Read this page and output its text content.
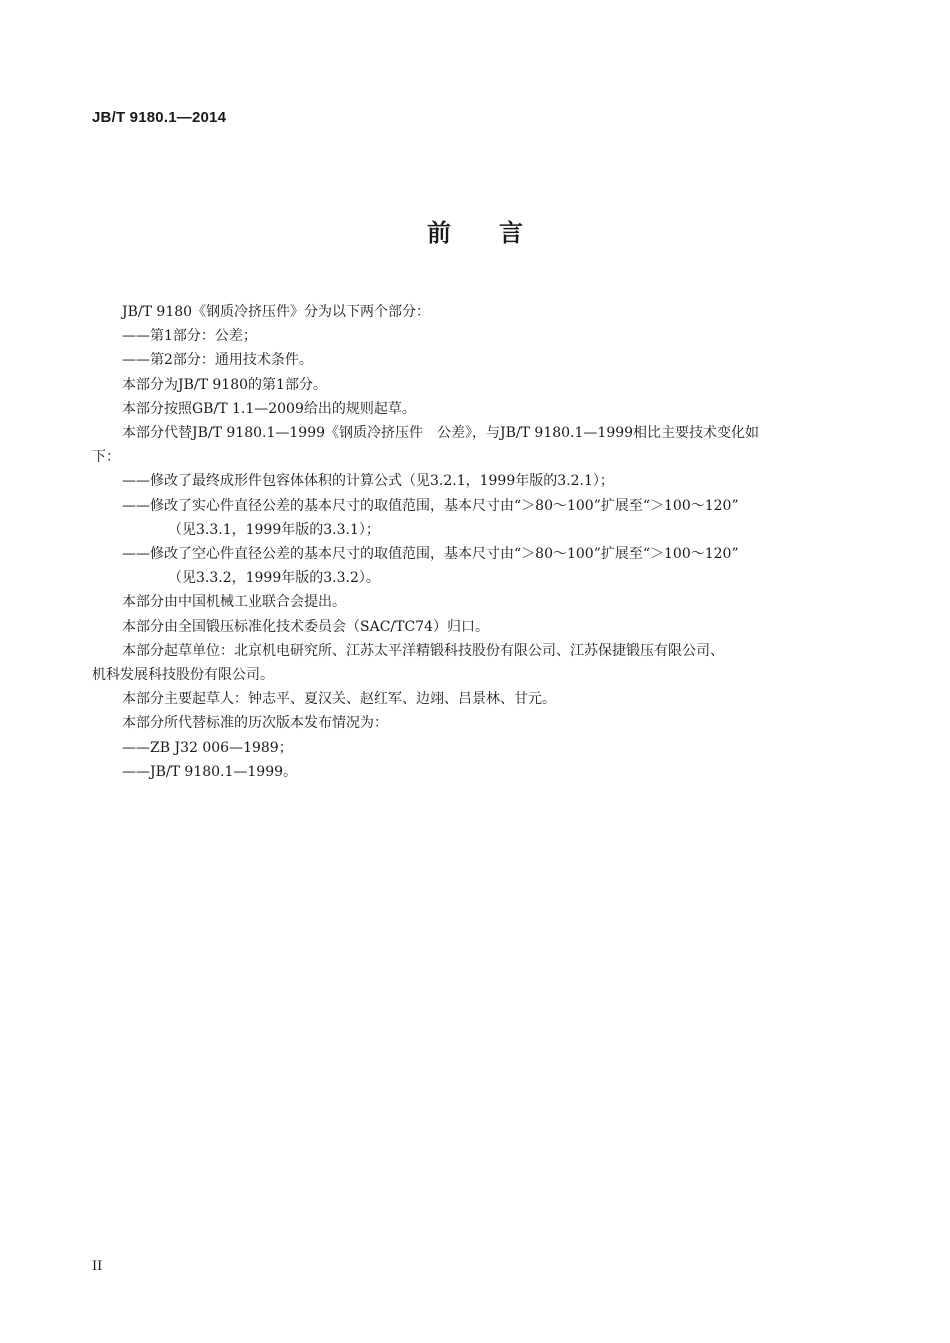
JB/T 9180.1—2014
前言

JB/T 9180《钢质冷挤压件》分为以下两个部分：

——第1部分：公差；

——第2部分：通用技术条件。

本部分为JB/T 9180的第1部分。

本部分按照GB/T 1.1—2009给出的规则起草。

本部分代替JB/T 9180.1—1999《钢质冷挤压件　公差》，与JB/T 9180.1—1999相比主要技术变化如

下：

——修改了最终成形件包容体体积的计算公式（见3.2.1，1999年版的3.2.1）；

——修改了实心件直径公差的基本尺寸的取值范围，基本尺寸由“＞80～100”扩展至“＞100～120”

（见3.3.1，1999年版的3.3.1）；

——修改了空心件直径公差的基本尺寸的取值范围，基本尺寸由“＞80～100”扩展至“＞100～120”

（见3.3.2，1999年版的3.3.2）。

本部分由中国机械工业联合会提出。

本部分由全国锻压标准化技术委员会（SAC/TC74）归口。

本部分起草单位：北京机电研究所、江苏太平洋精锻科技股份有限公司、江苏保捷锻压有限公司、

机科发展科技股份有限公司。

本部分主要起草人：钟志平、夏汉关、赵红军、边翊、吕景林、甘元。

本部分所代替标准的历次版本发布情况为：

——ZB J32 006—1989；

——JB/T 9180.1—1999。

II
